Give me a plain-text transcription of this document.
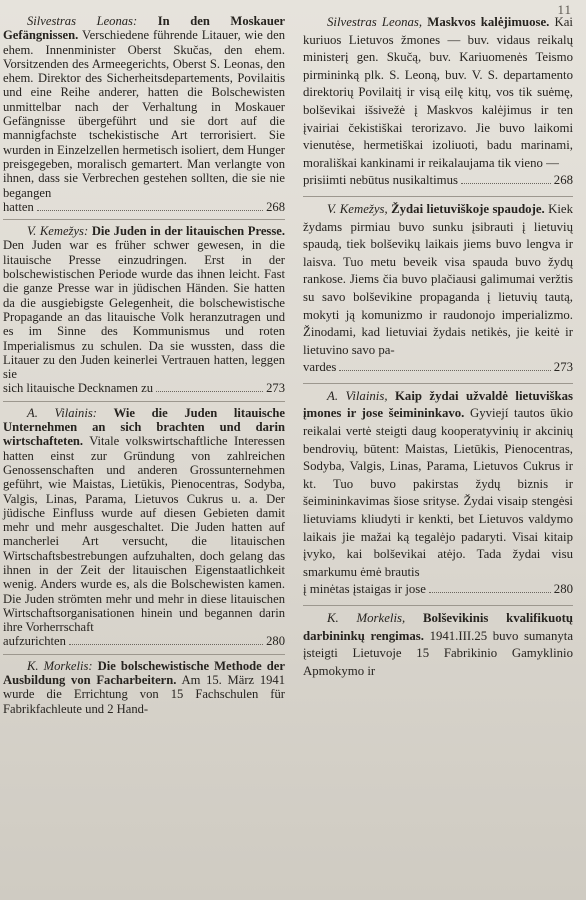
11

Silvestras Leonas: In den Moskauer Gefängnissen. Verschiedene führende Litauer, wie den ehem. Innenminister Oberst Skučas, den ehem. Vorsitzenden des Armeegerichts, Oberst S. Leonas, den ehem. Direktor des Sicherheitsdepartements, Povilaitis und eine Reihe anderer, hatten die Bolschewisten unmittelbar nach der Verhaltung in Moskauer Gefängnisse übergeführt und sie dort auf die mannigfachste tschekistische Art terrorisiert. Sie wurden in Einzelzellen hermetisch isoliert, dem Hunger preisgegeben, moralisch gemartert. Man verlangte von ihnen, dass sie Verbrechen gestehen sollten, die sie nie begangen

hatten	268

V. Kemežys: Die Juden in der litauischen Presse. Den Juden war es früher schwer gewesen, in die litauische Presse einzudringen. Erst in der bolschewistischen Periode wurde das ihnen leicht. Fast die ganze Presse war in jüdischen Händen. Sie hatten da die ausgiebigste Gelegenheit, die bolschewistische Propagande an das litauische Volk heranzutragen und es im Sinne des Kommunismus und roten Imperialismus zu schulen. Da sie wussten, dass die Litauer zu den Juden keinerlei Vertrauen hatten, leggen sie

sich litauische Decknamen zu	273

A. Vilainis: Wie die Juden litauische Unternehmen an sich brachten und darin wirtschafteten. Vitale volkswirtschaftliche Interessen hatten einst zur Gründung von zahlreichen Genossenschaften und anderen Grossunternehmen geführt, wie Maistas, Lietūkis, Pienocentras, Sodyba, Valgis, Linas, Parama, Lietuvos Cukrus u. a. Der jüdische Einfluss wurde auf diesen Gebieten damit mehr und mehr ausgeschaltet. Die Juden hatten auf mancherlei Art versucht, die litauischen Wirtschaftsbestrebungen aufzuhalten, doch gelang das ihnen in der Zeit der litauischen Eigenstaatlichkeit wenig. Anders wurde es, als die Bolschewisten kamen. Die Juden strömten mehr und mehr in diese litauischen Wirtschaftsorganisationen hinein und begannen darin ihre Vorherrschaft

aufzurichten	280

K. Morkelis: Die bolschewistische Methode der Ausbildung von Facharbeitern. Am 15. März 1941 wurde die Errichtung von 15 Fachschulen für Fabrikfachleute und 2 Hand-

Silvestras Leonas, Maskvos kalėjimuose. Kai kuriuos Lietuvos žmones — buv. vidaus reikalų ministerį gen. Skučą, buv. Kariuomenės Teismo pirmininką plk. S. Leoną, buv. V. S. departamento direktorių Povilaitį ir visą eilę kitų, vos tik suėmę, bolševikai išsivežė į Maskvos kalėjimus ir ten įvairiai čekistiškai terorizavo. Jie buvo laikomi vienutėse, hermetiškai izoliuoti, badu marinami, morališkai kankinami ir reikalaujama tik vieno —

prisiimti nebūtus nusikaltimus	268

V. Kemežys, Žydai lietuviškoje spaudoje. Kiek žydams pirmiau buvo sunku įsibrauti į lietuvių spaudą, tiek bolševikų laikais jiems buvo lengva ir laisva. Tuo metu beveik visa spauda buvo žydų rankose. Jiems čia buvo plačiausi galimumai veržtis su savo bolševikine propaganda į lietuvių tautą, mokyti ją komunizmo ir raudonojo imperializmo. Žinodami, kad lietuviai žydais netikės, jie keitė ir lietuvino savo pa-

vardes	273

A. Vilainis, Kaip žydai užvaldė lietuviškas įmones ir jose šeimininkavo. Gyviejí tautos ūkio reikalai vertė steigti daug kooperatyvinių ir akcinių bendrovių, būtent: Maistas, Lietūkis, Pienocentras, Sodyba, Valgis, Linas, Parama, Lietuvos Cukrus ir kt. Tuo buvo pakirstas žydų biznis ir šeimininkavimas šiose srityse. Žydai visaip stengėsi lietuviams kliudyti ir kenkti, bet Lietuvos valdymo laikais jie mažai ką tegalėjo padaryti. Visai kitaip įvyko, kai bolševikai atėjo. Tada žydai visu smarkumu ėmė brautis

į minėtas įstaigas ir jose	280

K. Morkelis, Bolševikinis kvalifikuotų darbininkų rengimas. 1941.III.25 buvo sumanyta įsteigti Lietuvoje 15 Fabrikinio Gamyklinio Apmokymo ir
